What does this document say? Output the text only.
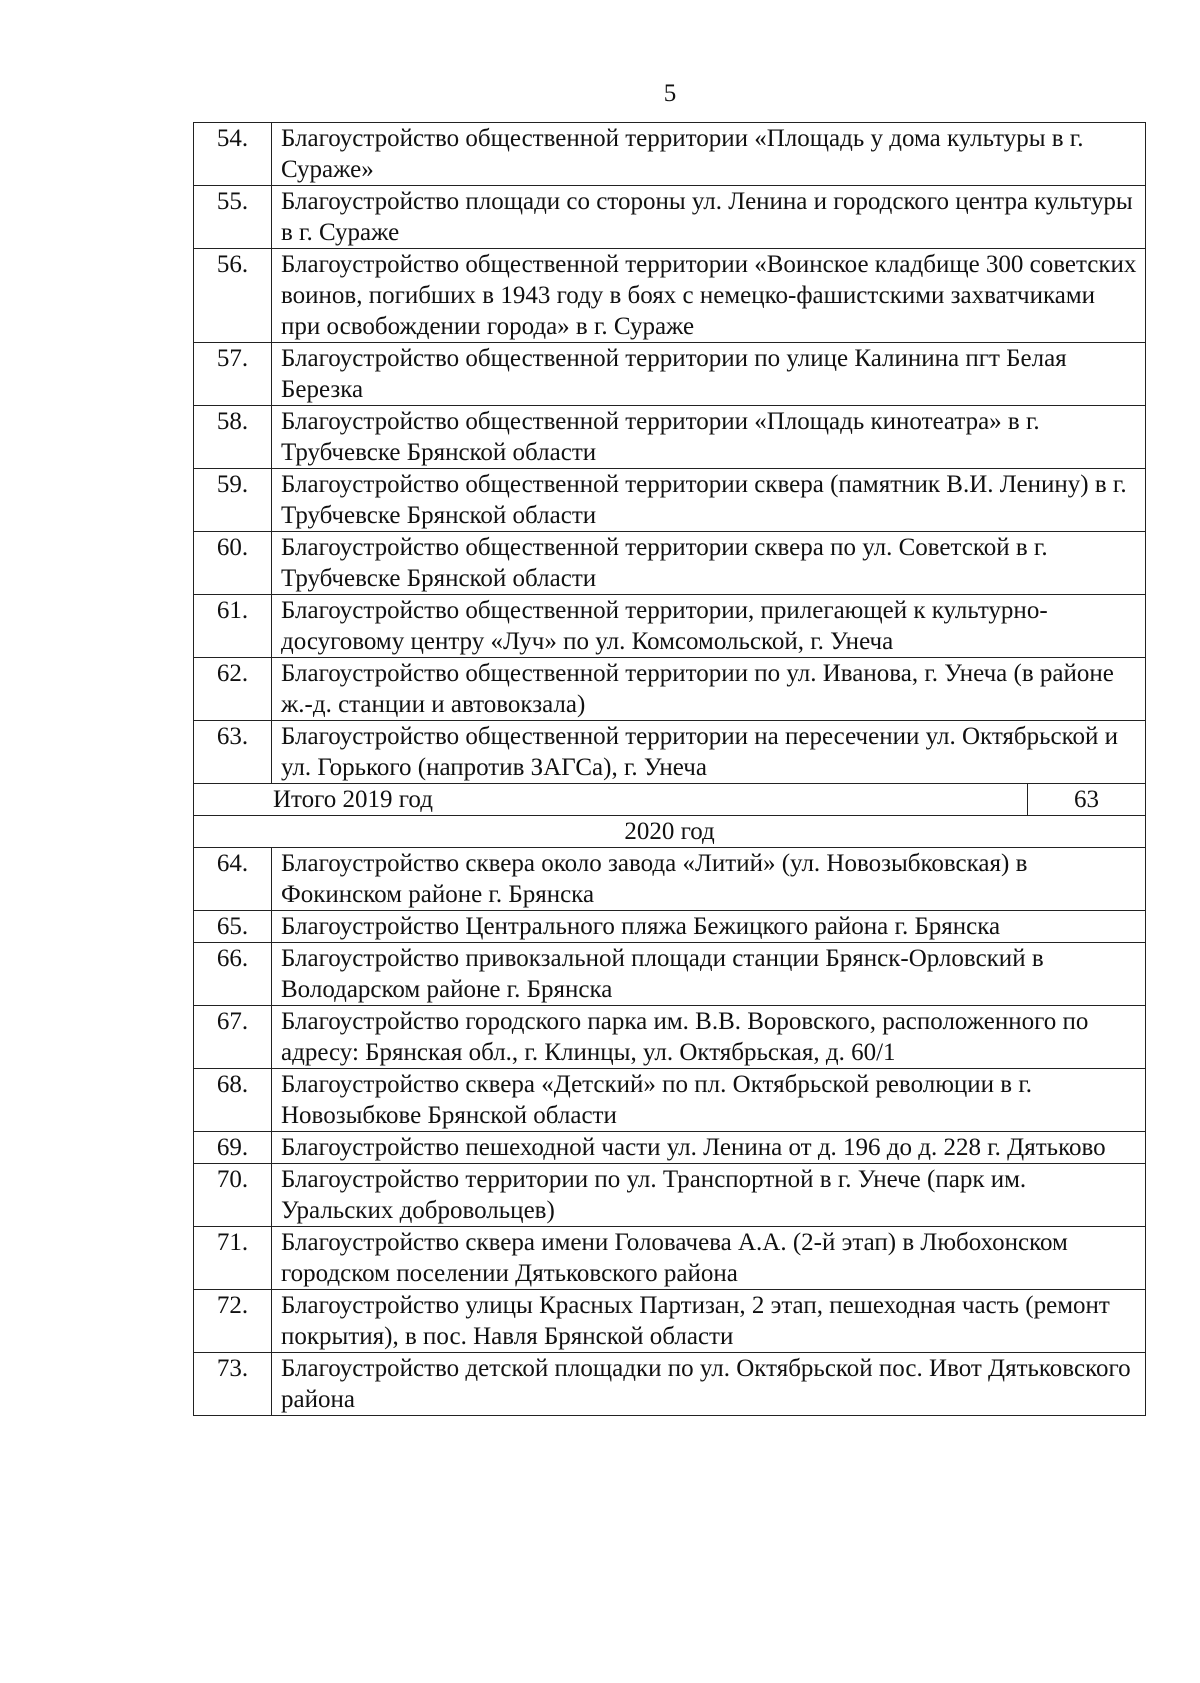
5
54.	Благоустройство общественной территории «Площадь у дома культуры в г. Сураже»	
55.	Благоустройство площади со стороны ул. Ленина и городского центра культуры в г. Сураже	
56.	Благоустройство общественной территории «Воинское кладбище 300 советских воинов, погибших в 1943 году в боях с немецко-фашистскими захватчиками при освобождении города» в г. Сураже	
57.	Благоустройство общественной территории по улице Калинина пгт Белая Березка	
58.	Благоустройство общественной территории «Площадь кинотеатра» в г. Трубчевске Брянской области	
59.	Благоустройство общественной территории сквера (памятник В.И. Ленину) в г. Трубчевске Брянской области	
60.	Благоустройство общественной территории сквера по ул. Советской в г. Трубчевске Брянской области	
61.	Благоустройство общественной территории, прилегающей к культурно-досуговому центру «Луч» по ул. Комсомольской, г. Унеча	
62.	Благоустройство общественной территории по ул. Иванова, г. Унеча (в районе ж.-д. станции и автовокзала)	
63.	Благоустройство общественной территории на пересечении ул. Октябрьской и ул. Горького (напротив ЗАГСа), г. Унеча	
Итого 2019 год		63
2020 год		
64.	Благоустройство сквера около завода «Литий» (ул. Новозыбковская) в Фокинском районе г. Брянска	
65.	Благоустройство Центрального пляжа Бежицкого района г. Брянска	
66.	Благоустройство привокзальной площади станции Брянск-Орловский в Володарском районе г. Брянска	
67.	Благоустройство городского парка им. В.В. Воровского, расположенного по адресу: Брянская обл., г. Клинцы, ул. Октябрьская, д. 60/1	
68.	Благоустройство сквера «Детский» по пл. Октябрьской революции в г. Новозыбкове Брянской области	
69.	Благоустройство пешеходной части ул. Ленина от д. 196 до д. 228 г. Дятьково	
70.	Благоустройство территории по ул. Транспортной в г. Унече (парк им. Уральских добровольцев)	
71.	Благоустройство сквера имени Головачева А.А. (2-й этап) в Любохонском городском поселении Дятьковского района	
72.	Благоустройство улицы Красных Партизан, 2 этап, пешеходная часть (ремонт покрытия), в пос. Навля Брянской области	
73.	Благоустройство детской площадки по ул. Октябрьской пос. Ивот Дятьковского района	
